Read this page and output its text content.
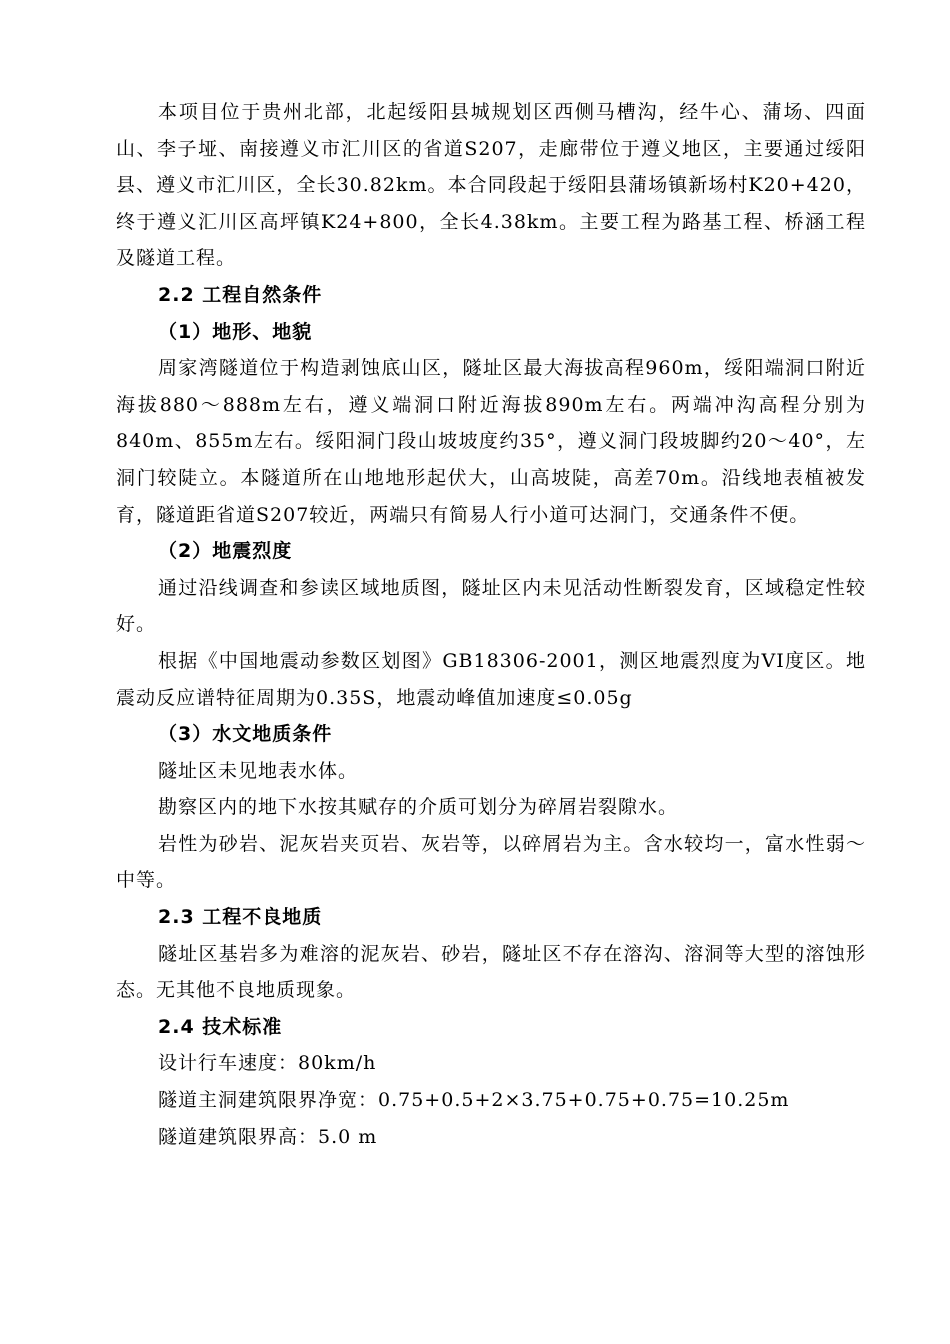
本项目位于贵州北部，北起绥阳县城规划区西侧马槽沟，经牛心、蒲场、四面山、李子垭、南接遵义市汇川区的省道S207，走廊带位于遵义地区，主要通过绥阳县、遵义市汇川区，全长30.82km。本合同段起于绥阳县蒲场镇新场村K20+420，终于遵义汇川区高坪镇K24+800，全长4.38km。主要工程为路基工程、桥涵工程及隧道工程。

2.2 工程自然条件

（1）地形、地貌

周家湾隧道位于构造剥蚀底山区，隧址区最大海拔高程960m，绥阳端洞口附近海拔880～888m左右，遵义端洞口附近海拔890m左右。两端冲沟高程分别为840m、855m左右。绥阳洞门段山坡坡度约35°，遵义洞门段坡脚约20～40°，左洞门较陡立。本隧道所在山地地形起伏大，山高坡陡，高差70m。沿线地表植被发育，隧道距省道S207较近，两端只有简易人行小道可达洞门，交通条件不便。

（2）地震烈度

通过沿线调查和参读区域地质图，隧址区内未见活动性断裂发育，区域稳定性较好。

根据《中国地震动参数区划图》GB18306-2001，测区地震烈度为VI度区。地震动反应谱特征周期为0.35S，地震动峰值加速度≤0.05g

（3）水文地质条件

隧址区未见地表水体。

勘察区内的地下水按其赋存的介质可划分为碎屑岩裂隙水。

岩性为砂岩、泥灰岩夹页岩、灰岩等，以碎屑岩为主。含水较均一，富水性弱～中等。

2.3 工程不良地质

隧址区基岩多为难溶的泥灰岩、砂岩，隧址区不存在溶沟、溶洞等大型的溶蚀形态。无其他不良地质现象。

2.4 技术标准

设计行车速度：80km/h

隧道主洞建筑限界净宽：0.75+0.5+2×3.75+0.75+0.75=10.25m

隧道建筑限界高：5.0 m
